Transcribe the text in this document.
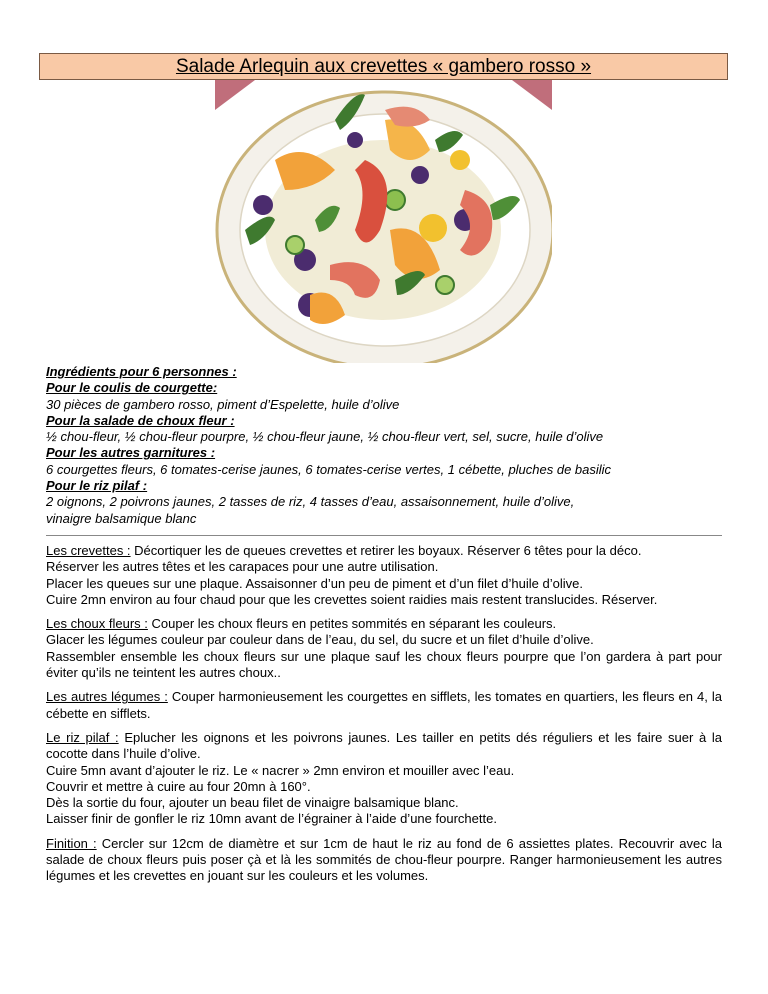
Salade Arlequin aux crevettes « gambero rosso »
Ingrédients pour 6 personnes :
Pour le coulis de courgette:
30 pièces de gambero rosso, piment d’Espelette, huile d’olive
Pour la salade de choux fleur :
½ chou-fleur, ½ chou-fleur pourpre, ½ chou-fleur jaune, ½ chou-fleur vert, sel, sucre, huile d’olive
Pour les autres garnitures :
6 courgettes fleurs, 6 tomates-cerise jaunes, 6 tomates-cerise vertes, 1 cébette, pluches de basilic
Pour le riz pilaf :
2 oignons, 2 poivrons jaunes, 2 tasses de riz, 4 tasses d’eau, assaisonnement, huile d’olive,
vinaigre balsamique blanc

Les crevettes : Décortiquer les de queues crevettes et retirer les boyaux. Réserver 6 têtes pour la déco.
Réserver les autres têtes et les carapaces pour une autre utilisation.
Placer les queues sur une plaque. Assaisonner d’un peu de piment et d’un filet d’huile d’olive.
Cuire 2mn environ au four chaud pour que les crevettes soient raidies mais restent translucides. Réserver.

Les choux fleurs : Couper les choux fleurs en petites sommités en séparant les couleurs.
Glacer les légumes couleur par couleur dans de l’eau, du sel, du sucre et un filet d’huile d’olive.
Rassembler ensemble les choux fleurs sur une plaque sauf les choux fleurs pourpre que l’on gardera à part pour éviter qu’ils ne teintent les autres choux..

Les autres légumes : Couper harmonieusement les courgettes en sifflets, les tomates en quartiers, les fleurs en 4, la cébette en sifflets.

Le riz pilaf : Eplucher les oignons et les poivrons jaunes. Les tailler en petits dés réguliers et les faire suer à la cocotte dans l’huile d’olive.
Cuire 5mn avant d’ajouter le riz. Le « nacrer » 2mn environ et mouiller avec l’eau.
Couvrir et mettre à cuire au four 20mn à 160°.
Dès la sortie du four, ajouter un beau filet de vinaigre balsamique blanc.
Laisser finir de gonfler le riz 10mn avant de l’égrainer à l’aide d’une fourchette.

Finition : Cercler sur 12cm de diamètre et sur 1cm de haut le riz au fond de 6 assiettes plates. Recouvrir avec la salade de choux fleurs puis poser çà et là les sommités de chou-fleur pourpre. Ranger harmonieusement les autres légumes et les crevettes en jouant sur les couleurs et les volumes.
